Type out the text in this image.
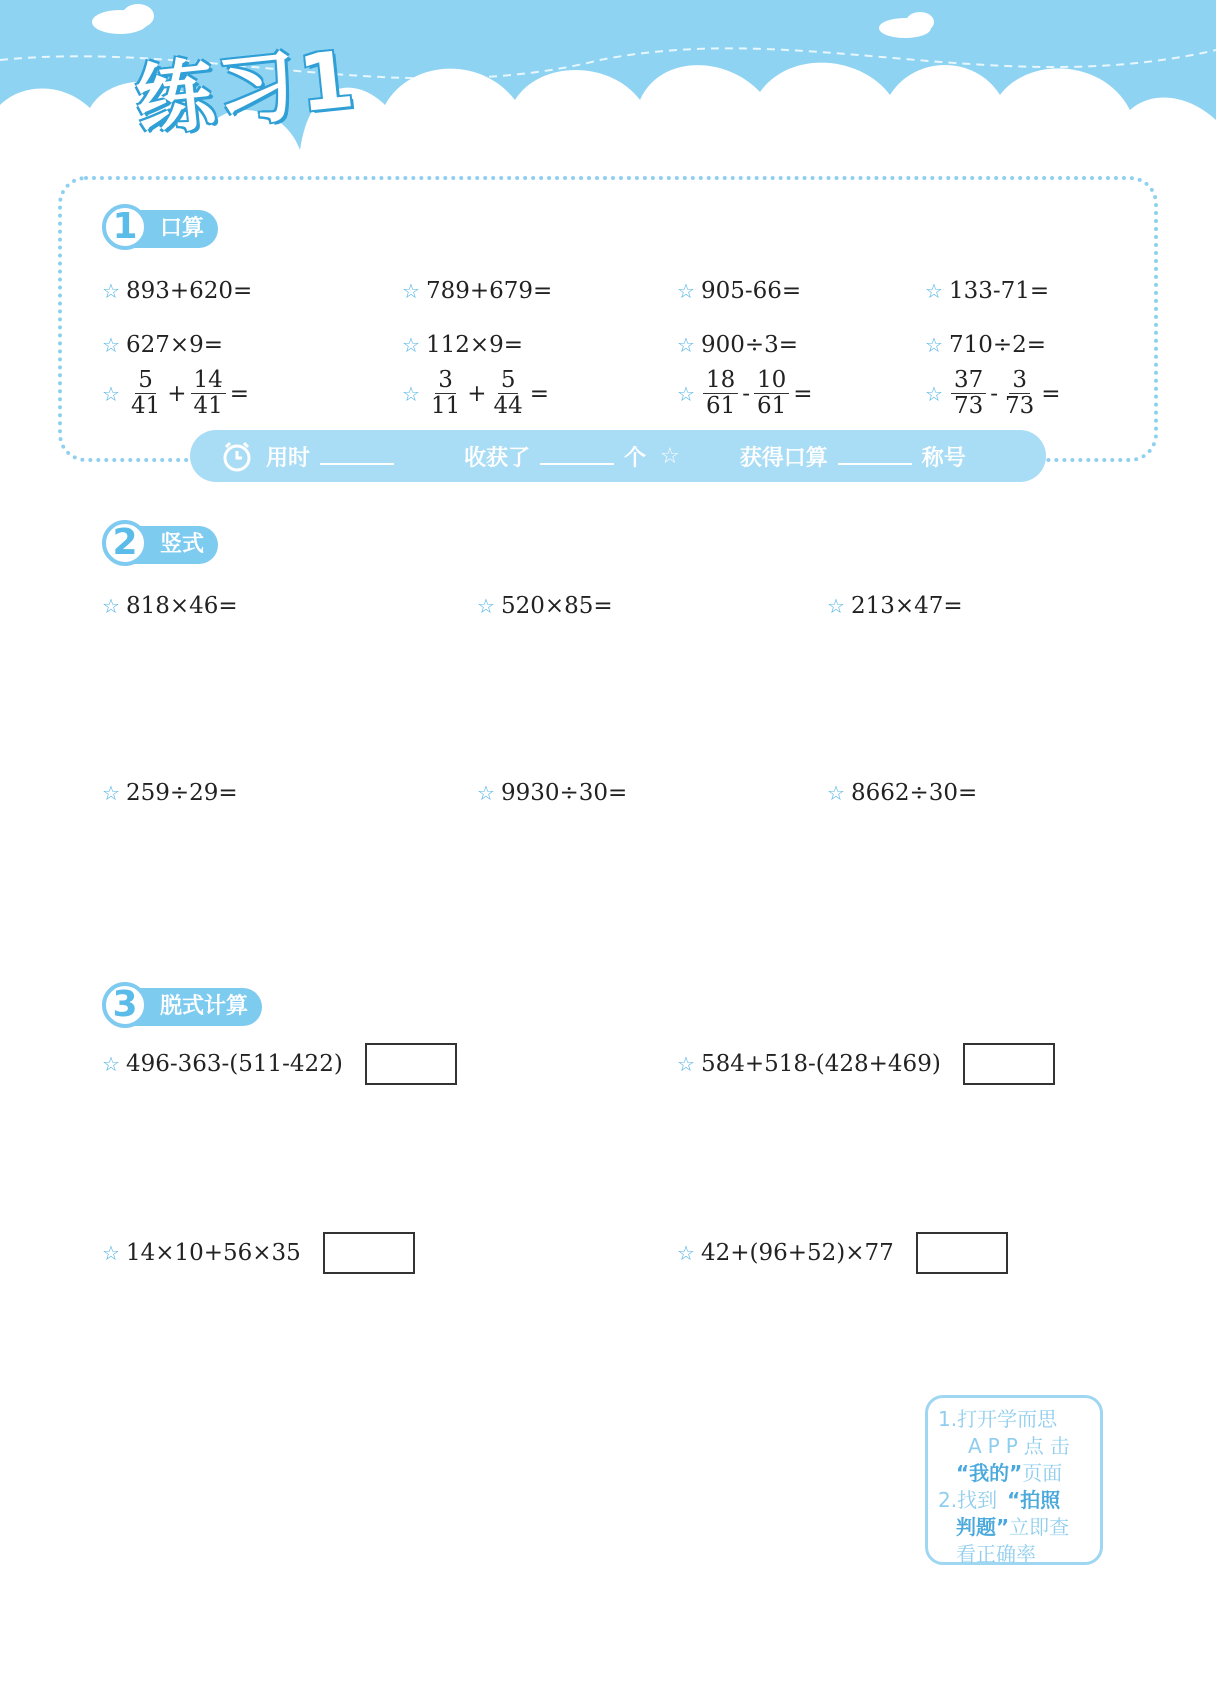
练习1
口算
1
☆ 893+620=	☆ 789+679=	☆ 905-66=	☆ 133-71=
☆ 627×9=	☆ 112×9=	☆ 900÷3=	☆ 710÷2=
☆ $\frac{5}{41} + \frac{14}{41}$ =	☆ $\frac{3}{11} + \frac{5}{44}$ =	☆ $\frac{18}{61} - \frac{10}{61}$ =	☆ $\frac{37}{73} - \frac{3}{73}$ =
用时	收获了	个 ☆	获得口算	称号
竖式
2
☆ 818×46=	☆ 520×85=	☆ 213×47=
☆ 259÷29=	☆ 9930÷30=	☆ 8662÷30=
脱式计算
3
☆ 496-363-(511-422)	☆ 584+518-(428+469)
☆ 14×10+56×35	☆ 42+(96+52)×77
1.打开学而思
APP点击
“我的”页面
2.找到 “拍照
判题”立即查
看正确率
